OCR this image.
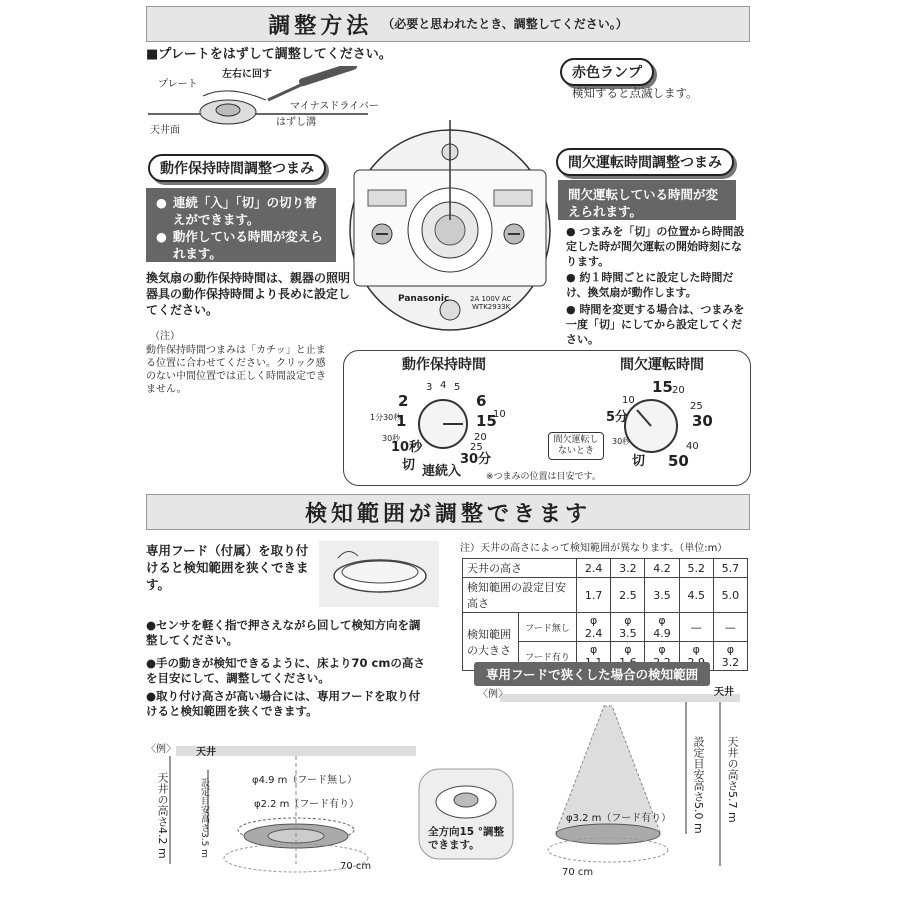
調整方法 （必要と思われたとき、調整してください。）
■プレートをはずして調整してください。
プレート
左右に回す
マイナスドライバー
天井面
はずし溝
赤色ランプ
検知すると点滅します。
動作保持時間調整つまみ
● 連続「入」「切」の切り替えができます。
● 動作している時間が変えられます。
換気扇の動作保持時間は、親器の照明器具の動作保持時間より長めに設定してください。
（注）
動作保持時間つまみは「カチッ」と止まる位置に合わせてください。クリック感のない中間位置では正しく時間設定できません。
間欠運転時間調整つまみ
間欠運転している時間が変えられます。
● つまみを「切」の位置から時間設定した時が間欠運転の開始時刻になります。
● 約１時間ごとに設定した時間だけ、換気扇が動作します。
● 時間を変更する場合は、つまみを一度「切」にしてから設定してください。
Panasonic
WTK2933K
2A 100V AC
動作保持時間	間欠運転時間
3 4 5
2	6
1分30秒	10
1	15
30秒	20
25
10秒
30分
切 連続入
15 20
10
25
5分	30
30秒	40
50
切
間欠運転しないとき
※つまみの位置は目安です。
検知範囲が調整できます
専用フード（付属）を取り付けると検知範囲を狭くできます。
注）天井の高さによって検知範囲が異なります。（単位:m）
天井の高さ		2.4	3.2	4.2	5.2	5.7
検知範囲の設定目安高さ		1.7	2.5	3.5	4.5	5.0
検知範囲の大きさ	フード無し	φ 2.4	φ 3.5	φ 4.9	—	—
	フード有り	φ	φ	φ	φ	φ 3.2
●センサを軽く指で押さえながら回して検知方向を調整してください。
●手の動きが検知できるように、床より70 cmの高さを目安にして、調整してください。
●取り付け高さが高い場合には、専用フードを取り付けると検知範囲を狭くできます。
専用フードで狭くした場合の検知範囲
〈例〉 天井
天井の高さ4.2 m	設定目安高さ3.5 m	φ4.9 m（フード無し）
φ2.2 m（フード有り）
70 cm
全方向15 °調整できます。
〈例〉	天井
φ3.2 m（フード有り） 設定目安高さ5.0 m 天井の高さ5.7 m
70 cm
